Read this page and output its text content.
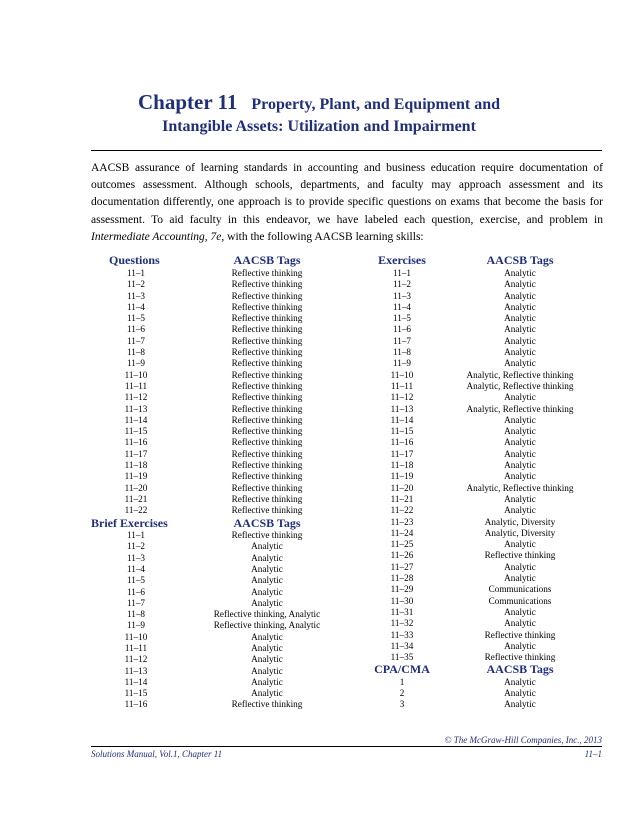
Chapter 11 Property, Plant, and Equipment and
Intangible Assets: Utilization and Impairment

AACSB assurance of learning standards in accounting and business education require documentation of outcomes assessment. Although schools, departments, and faculty may approach assessment and its documentation differently, one approach is to provide specific questions on exams that become the basis for assessment. To aid faculty in this endeavor, we have labeled each question, exercise, and problem in Intermediate Accounting, 7e, with the following AACSB learning skills:

Questions
11–1
11–2
11–3
11–4
11–5
11–6
11–7
11–8
11–9
11–10
11–11
11–12
11–13
11–14
11–15
11–16
11–17
11–18
11–19
11–20
11–21
11–22
Brief Exercises
11–1
11–2
11–3
11–4
11–5
11–6
11–7
11–8
11–9
11–10
11–11
11–12
11–13
11–14
11–15
11–16
AACSB Tags
Reflective thinking
Reflective thinking
Reflective thinking
Reflective thinking
Reflective thinking
Reflective thinking
Reflective thinking
Reflective thinking
Reflective thinking
Reflective thinking
Reflective thinking
Reflective thinking
Reflective thinking
Reflective thinking
Reflective thinking
Reflective thinking
Reflective thinking
Reflective thinking
Reflective thinking
Reflective thinking
Reflective thinking
Reflective thinking
AACSB Tags
Reflective thinking
Analytic
Analytic
Analytic
Analytic
Analytic
Analytic
Reflective thinking, Analytic
Reflective thinking, Analytic
Analytic
Analytic
Analytic
Analytic
Analytic
Analytic
Reflective thinking
Exercises
11–1
11–2
11–3
11–4
11–5
11–6
11–7
11–8
11–9
11–10
11–11
11–12
11–13
11–14
11–15
11–16
11–17
11–18
11–19
11–20
11–21
11–22
11–23
11–24
11–25
11–26
11–27
11–28
11–29
11–30
11–31
11–32
11–33
11–34
11–35
CPA/CMA
1
2
3
AACSB Tags
Analytic
Analytic
Analytic
Analytic
Analytic
Analytic
Analytic
Analytic
Analytic
Analytic, Reflective thinking
Analytic, Reflective thinking
Analytic
Analytic, Reflective thinking
Analytic
Analytic
Analytic
Analytic
Analytic
Analytic
Analytic, Reflective thinking
Analytic
Analytic
Analytic, Diversity
Analytic, Diversity
Analytic
Reflective thinking
Analytic
Analytic
Communications
Communications
Analytic
Analytic
Reflective thinking
Analytic
Reflective thinking
AACSB Tags
Analytic
Analytic
Analytic
© The McGraw-Hill Companies, Inc., 2013
Solutions Manual, Vol.1, Chapter 11	11–1
